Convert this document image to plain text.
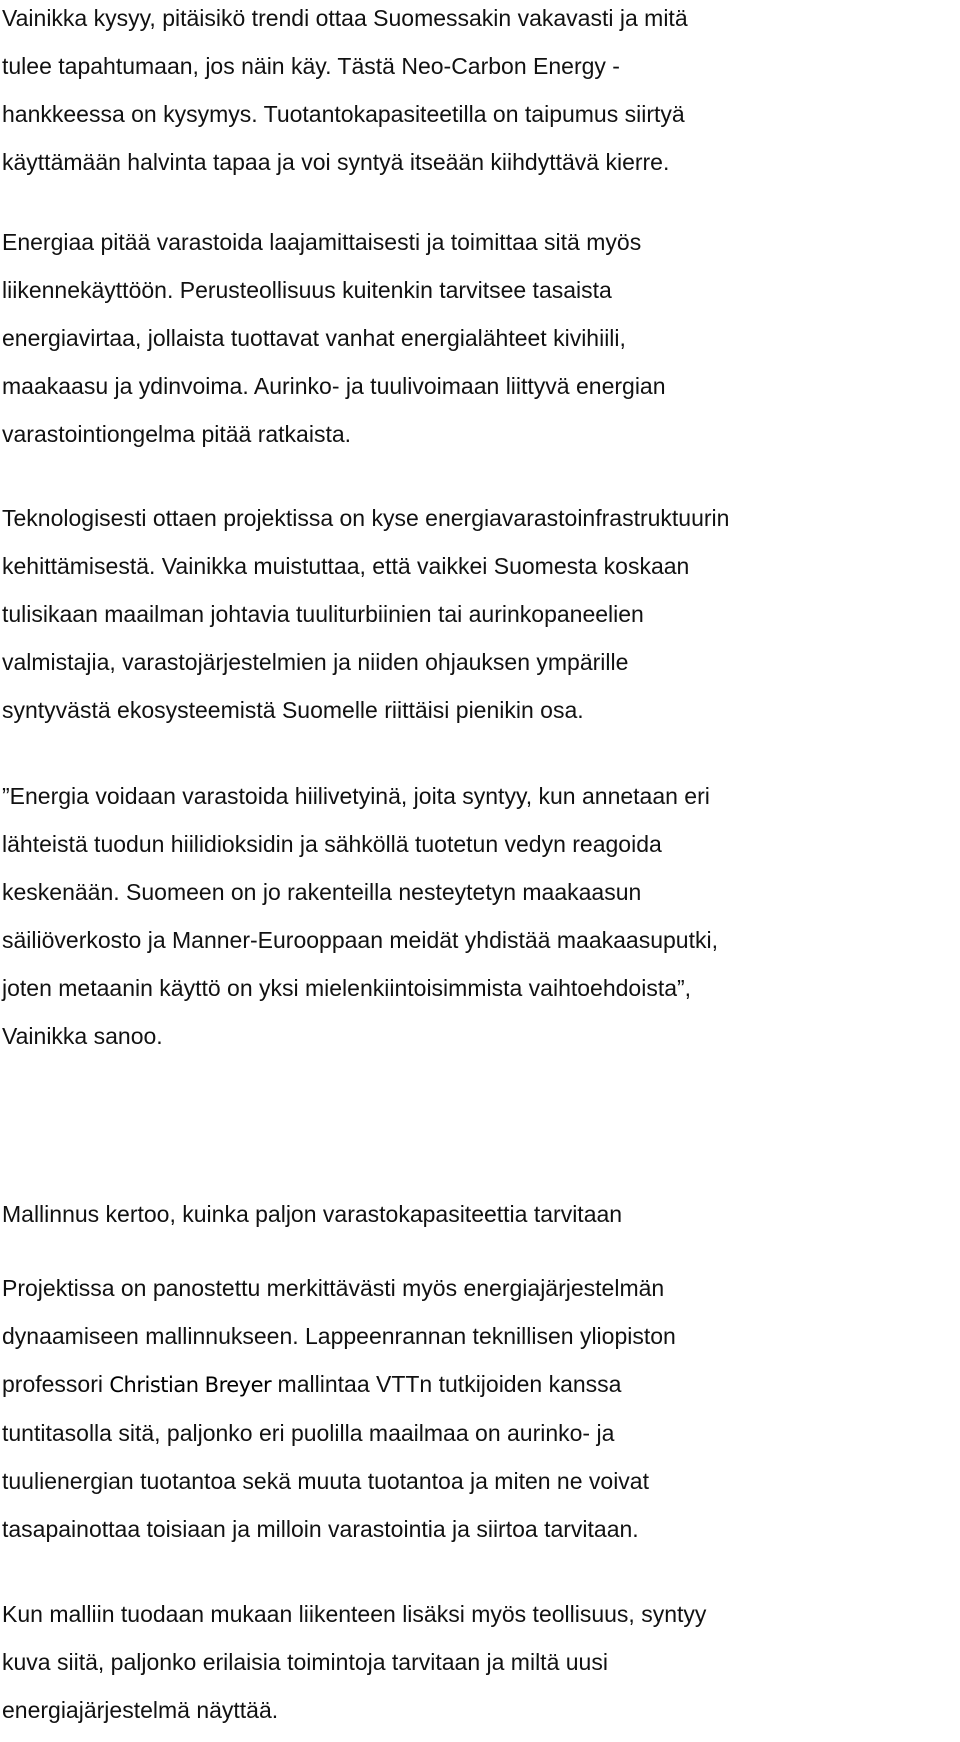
Vainikka kysyy, pitäisikö trendi ottaa Suomessakin vakavasti ja mitä
tulee tapahtumaan, jos näin käy. Tästä Neo-Carbon Energy -
hankkeessa on kysymys. Tuotantokapasiteetilla on taipumus siirtyä
käyttämään halvinta tapaa ja voi syntyä itseään kiihdyttävä kierre.

Energiaa pitää varastoida laajamittaisesti ja toimittaa sitä myös
liikennekäyttöön. Perusteollisuus kuitenkin tarvitsee tasaista
energiavirtaa, jollaista tuottavat vanhat energialähteet kivihiili,
maakaasu ja ydinvoima. Aurinko- ja tuulivoimaan liittyvä energian
varastointiongelma pitää ratkaista.

Teknologisesti ottaen projektissa on kyse energiavarastoinfrastruktuurin
kehittämisestä. Vainikka muistuttaa, että vaikkei Suomesta koskaan
tulisikaan maailman johtavia tuuliturbiinien tai aurinkopaneelien
valmistajia, varastojärjestelmien ja niiden ohjauksen ympärille
syntyvästä ekosysteemistä Suomelle riittäisi pienikin osa.

”Energia voidaan varastoida hiilivetyinä, joita syntyy, kun annetaan eri
lähteistä tuodun hiilidioksidin ja sähköllä tuotetun vedyn reagoida
keskenään. Suomeen on jo rakenteilla nesteytetyn maakaasun
säiliöverkosto ja Manner-Eurooppaan meidät yhdistää maakaasuputki,
joten metaanin käyttö on yksi mielenkiintoisimmista vaihtoehdoista”,
Vainikka sanoo.

Mallinnus kertoo, kuinka paljon varastokapasiteettia tarvitaan

Projektissa on panostettu merkittävästi myös energiajärjestelmän
dynaamiseen mallinnukseen. Lappeenrannan teknillisen yliopiston
professori Christian Breyer mallintaa VTTn tutkijoiden kanssa
tuntitasolla sitä, paljonko eri puolilla maailmaa on aurinko- ja
tuulienergian tuotantoa sekä muuta tuotantoa ja miten ne voivat
tasapainottaa toisiaan ja milloin varastointia ja siirtoa tarvitaan.

Kun malliin tuodaan mukaan liikenteen lisäksi myös teollisuus, syntyy
kuva siitä, paljonko erilaisia toimintoja tarvitaan ja miltä uusi
energiajärjestelmä näyttää.
